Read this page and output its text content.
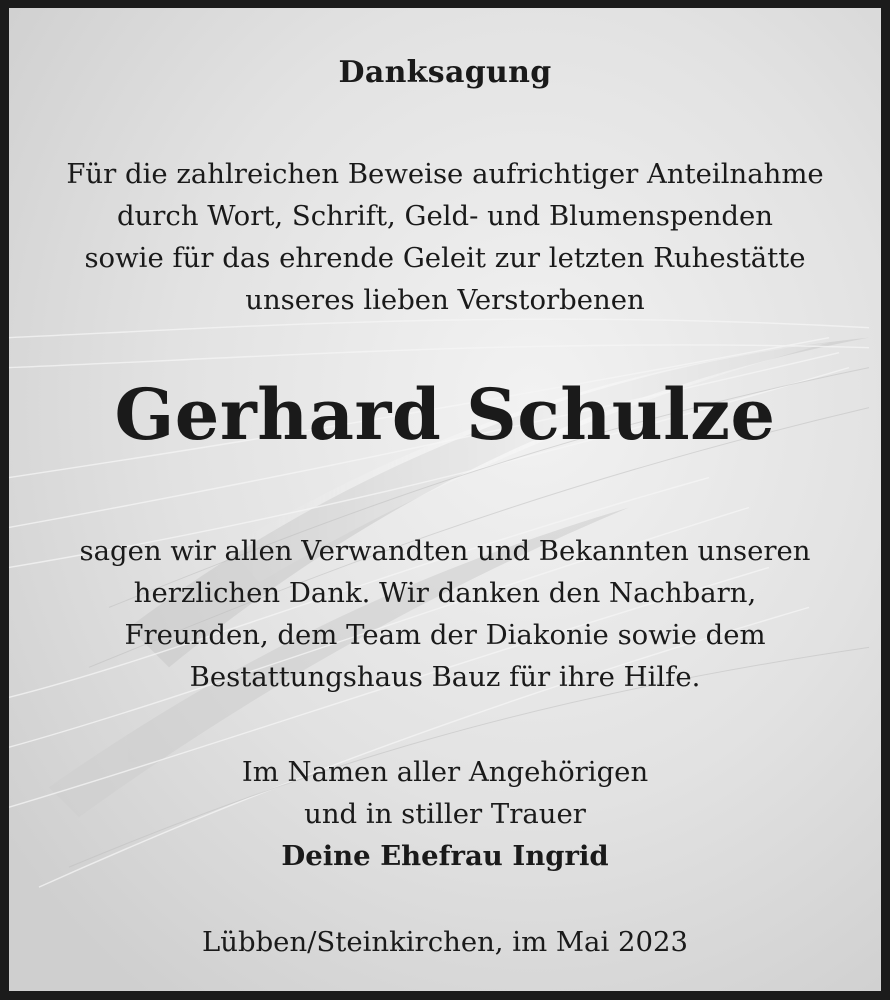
Danksagung
Für die zahlreichen Beweise aufrichtiger Anteilnahme
durch Wort, Schrift, Geld- und Blumenspenden
sowie für das ehrende Geleit zur letzten Ruhestätte
unseres lieben Verstorbenen
Gerhard Schulze
sagen wir allen Verwandten und Bekannten unseren
herzlichen Dank. Wir danken den Nachbarn,
Freunden, dem Team der Diakonie sowie dem
Bestattungshaus Bauz für ihre Hilfe.
Im Namen aller Angehörigen
und in stiller Trauer
Deine Ehefrau Ingrid
Lübben/Steinkirchen, im Mai 2023
